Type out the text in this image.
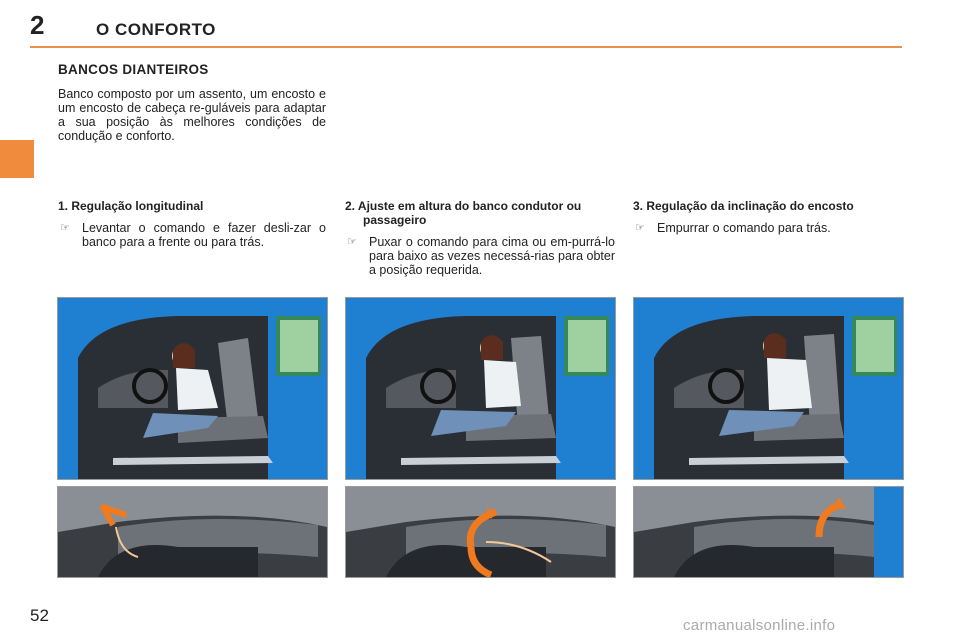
2	O CONFORTO
BANCOS DIANTEIROS
Banco composto por um assento, um encosto e um encosto de cabeça re-guláveis para adaptar a sua posição às melhores condições de condução e conforto.
1. Regulação longitudinal
☞ Levantar o comando e fazer desli-zar o banco para a frente ou para trás.
2. Ajuste em altura do banco condutor ou passageiro
☞ Puxar o comando para cima ou em-purrá-lo para baixo as vezes necessá-rias para obter a posição requerida.
3. Regulação da inclinação do encosto
☞ Empurrar o comando para trás.
52
carmanualsonline.info
